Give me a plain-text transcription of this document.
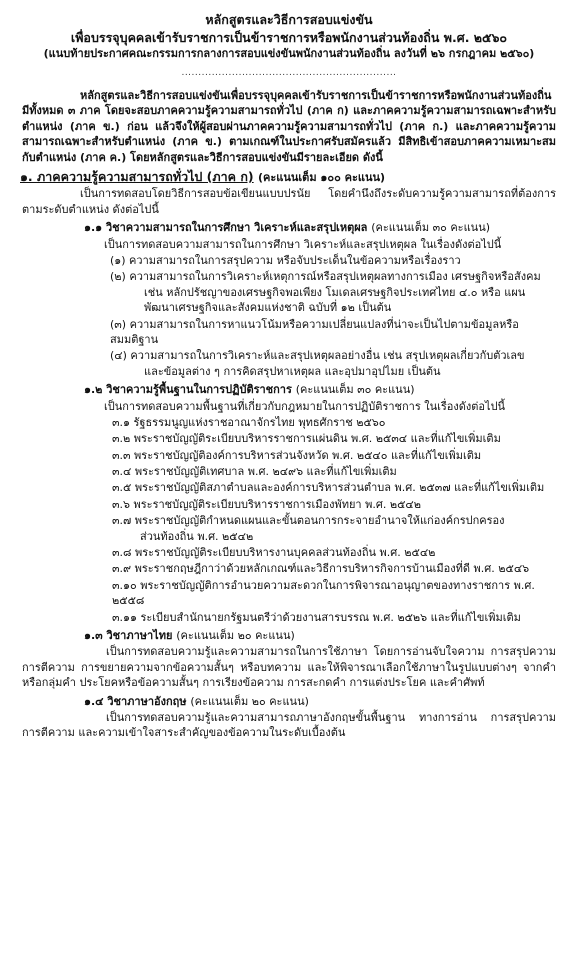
หลักสูตรและวิธีการสอบแข่งขัน
เพื่อบรรจุบุคคลเข้ารับราชการเป็นข้าราชการหรือพนักงานส่วนท้องถิ่น พ.ศ. ๒๕๖๐
(แนบท้ายประกาศคณะกรรมการกลางการสอบแข่งขันพนักงานส่วนท้องถิ่น ลงวันที่ ๒๖ กรกฎาคม ๒๕๖๐)
................................................................
หลักสูตรและวิธีการสอบแข่งขันเพื่อบรรจุบุคคลเข้ารับราชการเป็นข้าราชการหรือพนักงานส่วนท้องถิ่น มีทั้งหมด ๓ ภาค โดยจะสอบภาคความรู้ความสามารถทั่วไป (ภาค ก) และภาคความรู้ความสามารถเฉพาะสำหรับตำแหน่ง (ภาค ข.) ก่อน แล้วจึงให้ผู้สอบผ่านภาคความรู้ความสามารถทั่วไป (ภาค ก.) และภาคความรู้ความสามารถเฉพาะสำหรับตำแหน่ง (ภาค ข.) ตามเกณฑ์ในประกาศรับสมัครแล้ว มีสิทธิเข้าสอบภาคความเหมาะสมกับตำแหน่ง (ภาค ค.) โดยหลักสูตรและวิธีการสอบแข่งขันมีรายละเอียด ดังนี้
๑. ภาคความรู้ความสามารถทั่วไป (ภาค ก) (คะแนนเต็ม ๑๐๐ คะแนน)
เป็นการทดสอบโดยวิธีการสอบข้อเขียนแบบปรนัย โดยคำนึงถึงระดับความรู้ความสามารถที่ต้องการตามระดับตำแหน่ง ดังต่อไปนี้
๑.๑ วิชาความสามารถในการศึกษา วิเคราะห์และสรุปเหตุผล (คะแนนเต็ม ๓๐ คะแนน)
เป็นการทดสอบความสามารถในการศึกษา วิเคราะห์และสรุปเหตุผล ในเรื่องดังต่อไปนี้
(๑) ความสามารถในการสรุปความ หรือจับประเด็นในข้อความหรือเรื่องราว
(๒) ความสามารถในการวิเคราะห์เหตุการณ์หรือสรุปเหตุผลทางการเมือง เศรษฐกิจหรือสังคม
เช่น หลักปรัชญาของเศรษฐกิจพอเพียง โมเดลเศรษฐกิจประเทศไทย ๔.๐ หรือ แผนพัฒนาเศรษฐกิจและสังคมแห่งชาติ ฉบับที่ ๑๒ เป็นต้น
(๓) ความสามารถในการหาแนวโน้มหรือความเปลี่ยนแปลงที่น่าจะเป็นไปตามข้อมูลหรือสมมติฐาน
(๔) ความสามารถในการวิเคราะห์และสรุปเหตุผลอย่างอื่น เช่น สรุปเหตุผลเกี่ยวกับตัวเลข
และข้อมูลต่าง ๆ การคิดสรุปหาเหตุผล และอุปมาอุปไมย เป็นต้น
๑.๒ วิชาความรู้พื้นฐานในการปฏิบัติราชการ (คะแนนเต็ม ๓๐ คะแนน)
เป็นการทดสอบความพื้นฐานที่เกี่ยวกับกฎหมายในการปฏิบัติราชการ ในเรื่องดังต่อไปนี้
๓.๑ รัฐธรรมนูญแห่งราชอาณาจักรไทย พุทธศักราช ๒๕๖๐
๓.๒ พระราชบัญญัติระเบียบบริหารราชการแผ่นดิน พ.ศ. ๒๕๓๔ และที่แก้ไขเพิ่มเติม
๓.๓ พระราชบัญญัติองค์การบริหารส่วนจังหวัด พ.ศ. ๒๕๔๐ และที่แก้ไขเพิ่มเติม
๓.๔ พระราชบัญญัติเทศบาล พ.ศ. ๒๔๙๖ และที่แก้ไขเพิ่มเติม
๓.๕ พระราชบัญญัติสภาตำบลและองค์การบริหารส่วนตำบล พ.ศ. ๒๕๓๗ และที่แก้ไขเพิ่มเติม
๓.๖ พระราชบัญญัติระเบียบบริหารราชการเมืองพัทยา พ.ศ. ๒๕๔๒
๓.๗ พระราชบัญญัติกำหนดแผนและขั้นตอนการกระจายอำนาจให้แก่องค์กรปกครอง
ส่วนท้องถิ่น พ.ศ. ๒๕๔๒
๓.๘ พระราชบัญญัติระเบียบบริหารงานบุคคลส่วนท้องถิ่น พ.ศ. ๒๕๔๒
๓.๙ พระราชกฤษฎีกาว่าด้วยหลักเกณฑ์และวิธีการบริหารกิจการบ้านเมืองที่ดี พ.ศ. ๒๕๔๖
๓.๑๐ พระราชบัญญัติการอำนวยความสะดวกในการพิจารณาอนุญาตของทางราชการ พ.ศ. ๒๕๕๘
๓.๑๑ ระเบียบสำนักนายกรัฐมนตรีว่าด้วยงานสารบรรณ พ.ศ. ๒๕๒๖ และที่แก้ไขเพิ่มเติม
๑.๓ วิชาภาษาไทย (คะแนนเต็ม ๒๐ คะแนน)
เป็นการทดสอบความรู้และความสามารถในการใช้ภาษา โดยการอ่านจับใจความ การสรุปความ การตีความ การขยายความจากข้อความสั้นๆ หรือบทความ และให้พิจารณาเลือกใช้ภาษาในรูปแบบต่างๆ จากคำหรือกลุ่มคำ ประโยคหรือข้อความสั้นๆ การเรียงข้อความ การสะกดคำ การแต่งประโยค และคำศัพท์
๑.๔ วิชาภาษาอังกฤษ (คะแนนเต็ม ๒๐ คะแนน)
เป็นการทดสอบความรู้และความสามารถภาษาอังกฤษขั้นพื้นฐาน ทางการอ่าน การสรุปความ การตีความ และความเข้าใจสาระสำคัญของข้อความในระดับเบื้องต้น
